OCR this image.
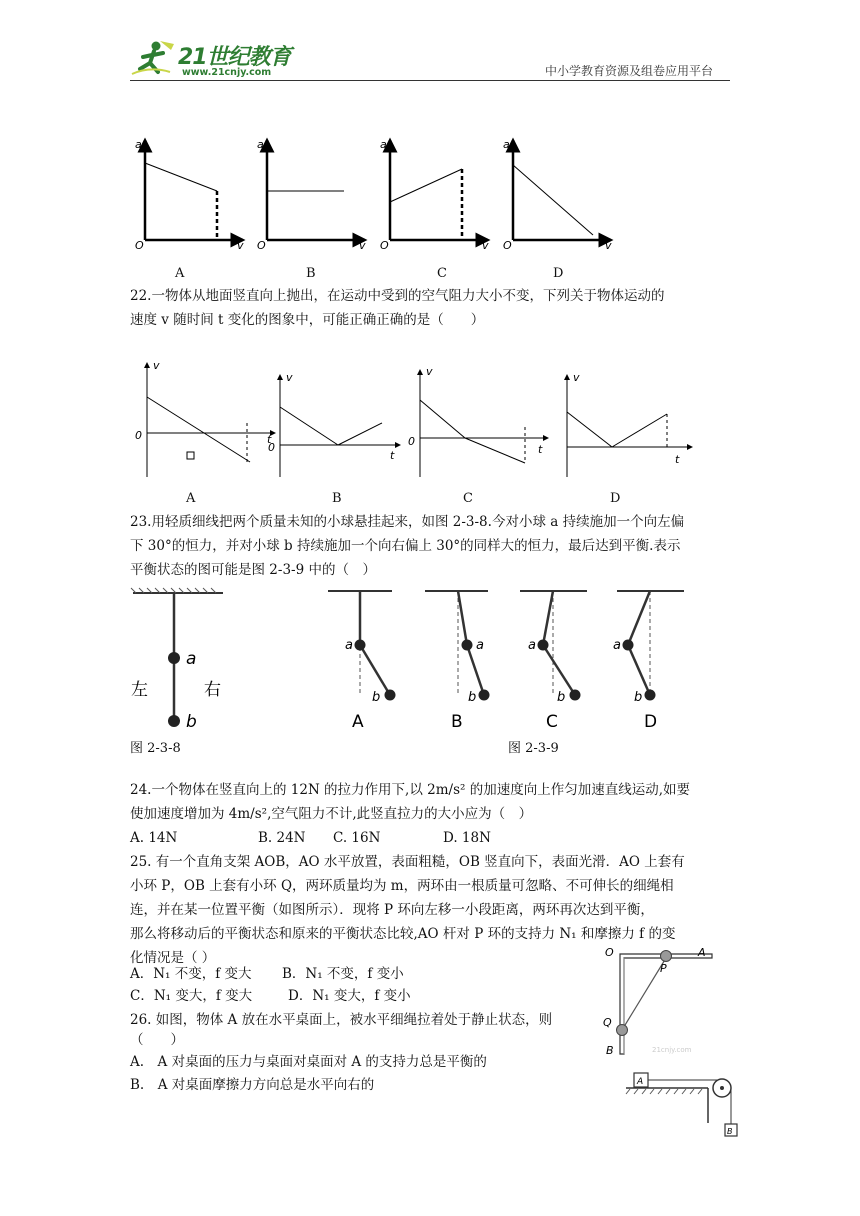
21世纪教育
www.21cnjy.com	中小学教育资源及组卷应用平台
a
O	v
a
O	v
a
O	v
a
O	v
A	B	C	D
22.一物体从地面竖直向上抛出，在运动中受到的空气阻力大小不变，下列关于物体运动的
速度 v 随时间 t 变化的图象中，可能正确正确的是（　　）
v
0	t
v
0
t
v
0
t
v
t
A	B	C	D
23.用轻质细线把两个质量未知的小球悬挂起来，如图 2-3-8.今对小球 a 持续施加一个向左偏
下 30°的恒力，并对小球 b 持续施加一个向右偏上 30°的同样大的恒力，最后达到平衡.表示
平衡状态的图可能是图 2-3-9 中的（　）
a
b
左	右
a
b
a
b
a
b
a
b
A	B	C	D
图 2-3-8	图 2-3-9
24.一个物体在竖直向上的 12N 的拉力作用下,以 2m/s² 的加速度向上作匀加速直线运动,如要
使加速度增加为 4m/s²,空气阻力不计,此竖直拉力的大小应为（　）
A. 14N	B. 24N C. 16N	D. 18N
25. 有一个直角支架 AOB，AO 水平放置，表面粗糙，OB 竖直向下，表面光滑．AO 上套有
小环 P，OB 上套有小环 Q，两环质量均为 m，两环由一根质量可忽略、不可伸长的细绳相
连，并在某一位置平衡（如图所示）．现将 P 环向左移一小段距离，两环再次达到平衡，
那么将移动后的平衡状态和原来的平衡状态比较,AO 杆对 P 环的支持力 N₁ 和摩擦力 f 的变
化情况是（ ）
A．N₁ 不变，f 变大 B．N₁ 不变，f 变小
C．N₁ 变大，f 变大	D．N₁ 变大，f 变小
O	A
P
Q
B	21cnjy.com
26. 如图，物体 A 放在水平桌面上，被水平细绳拉着处于静止状态，则
（　　）
A.　A 对桌面的压力与桌面对桌面对 A 的支持力总是平衡的
B.　A 对桌面摩擦力方向总是水平向右的	A
B
